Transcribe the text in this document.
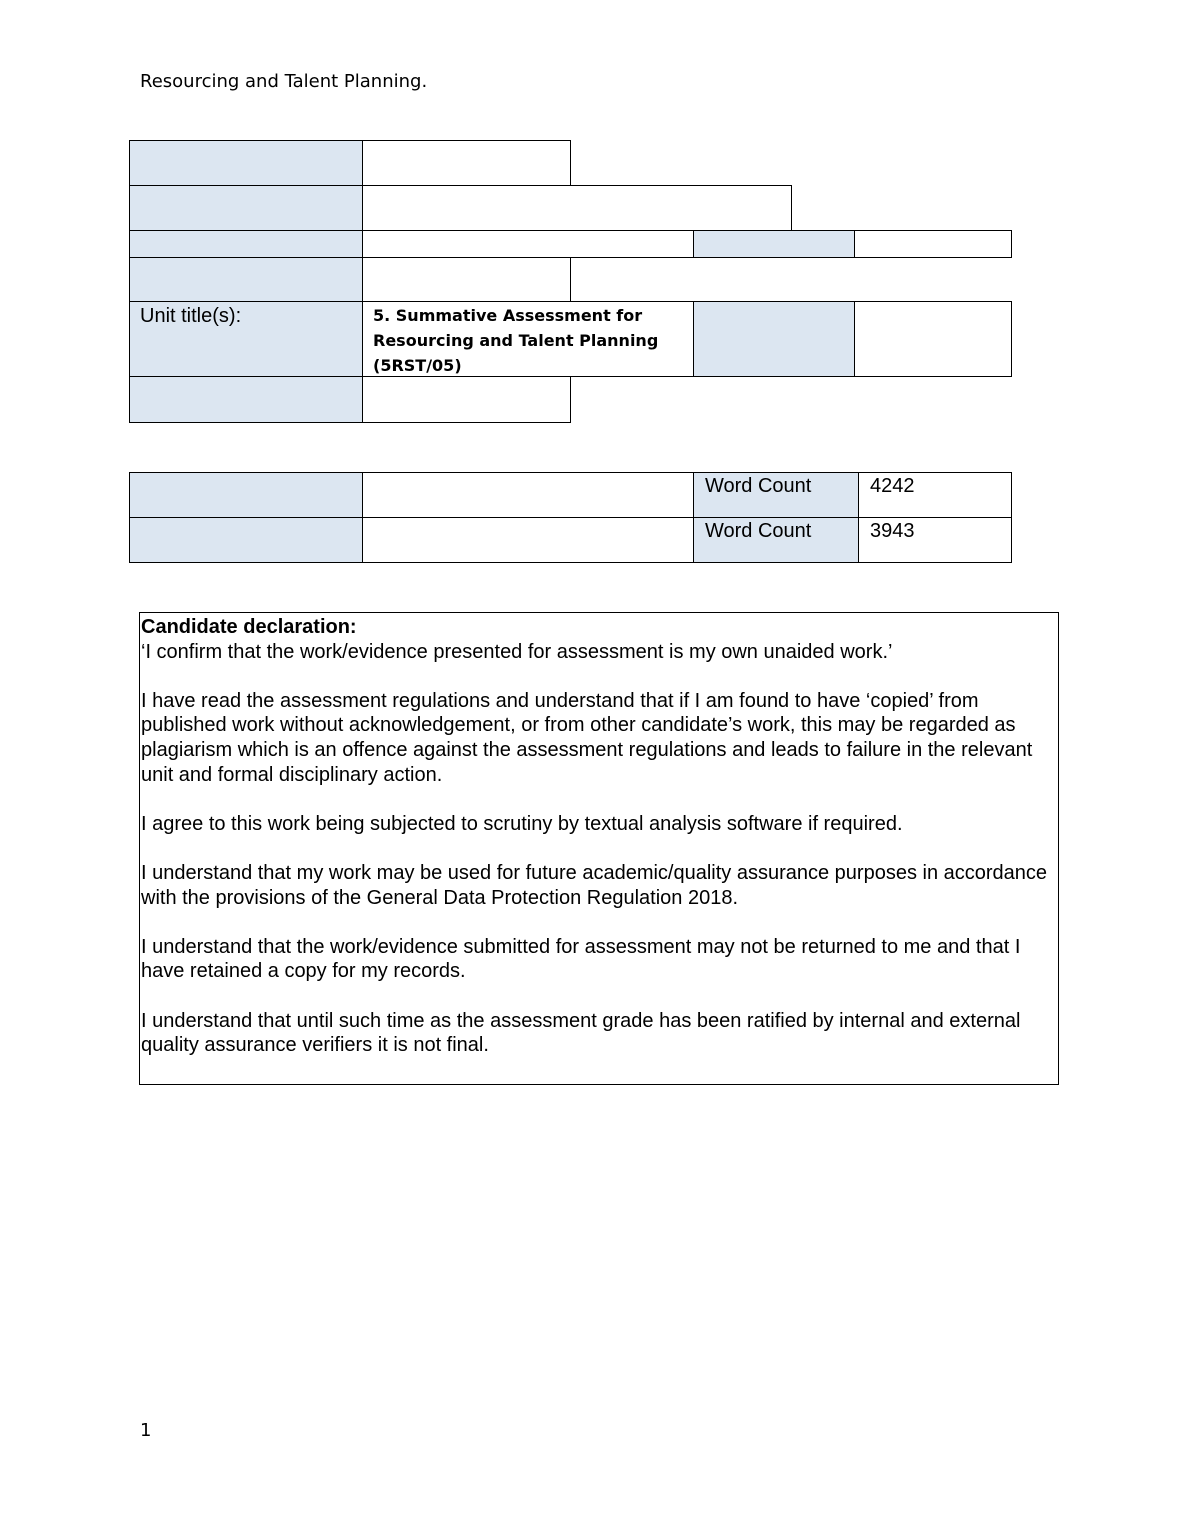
Resourcing and Talent Planning.
Unit title(s):	5. Summative Assessment for Resourcing and Talent Planning (5RST/05)
Word Count	4242
Word Count	3943

Candidate declaration:

‘I confirm that the work/evidence presented for assessment is my own unaided work.’

I have read the assessment regulations and understand that if I am found to have ‘copied’ from published work without acknowledgement, or from other candidate’s work, this may be regarded as plagiarism which is an offence against the assessment regulations and leads to failure in the relevant unit and formal disciplinary action.

I agree to this work being subjected to scrutiny by textual analysis software if required.

I understand that my work may be used for future academic/quality assurance purposes in accordance with the provisions of the General Data Protection Regulation 2018.

I understand that the work/evidence submitted for assessment may not be returned to me and that I have retained a copy for my records.

I understand that until such time as the assessment grade has been ratified by internal and external quality assurance verifiers it is not final.

1
